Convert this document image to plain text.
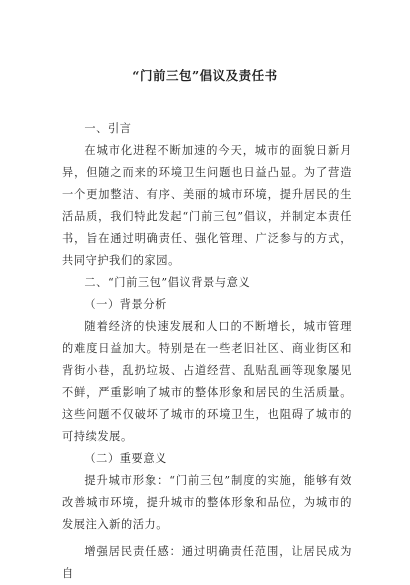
“门前三包”倡议及责任书
一、引言

在城市化进程不断加速的今天，城市的面貌日新月异，但随之而来的环境卫生问题也日益凸显。为了营造一个更加整洁、有序、美丽的城市环境，提升居民的生活品质，我们特此发起“门前三包”倡议，并制定本责任书，旨在通过明确责任、强化管理、广泛参与的方式，共同守护我们的家园。

二、“门前三包”倡议背景与意义
（一）背景分析

随着经济的快速发展和人口的不断增长，城市管理的难度日益加大。特别是在一些老旧社区、商业街区和背街小巷，乱扔垃圾、占道经营、乱贴乱画等现象屡见不鲜，严重影响了城市的整体形象和居民的生活质量。这些问题不仅破坏了城市的环境卫生，也阻碍了城市的可持续发展。

（二）重要意义

提升城市形象：“门前三包”制度的实施，能够有效改善城市环境，提升城市的整体形象和品位，为城市的发展注入新的活力。

增强居民责任感：通过明确责任范围，让居民成为自
